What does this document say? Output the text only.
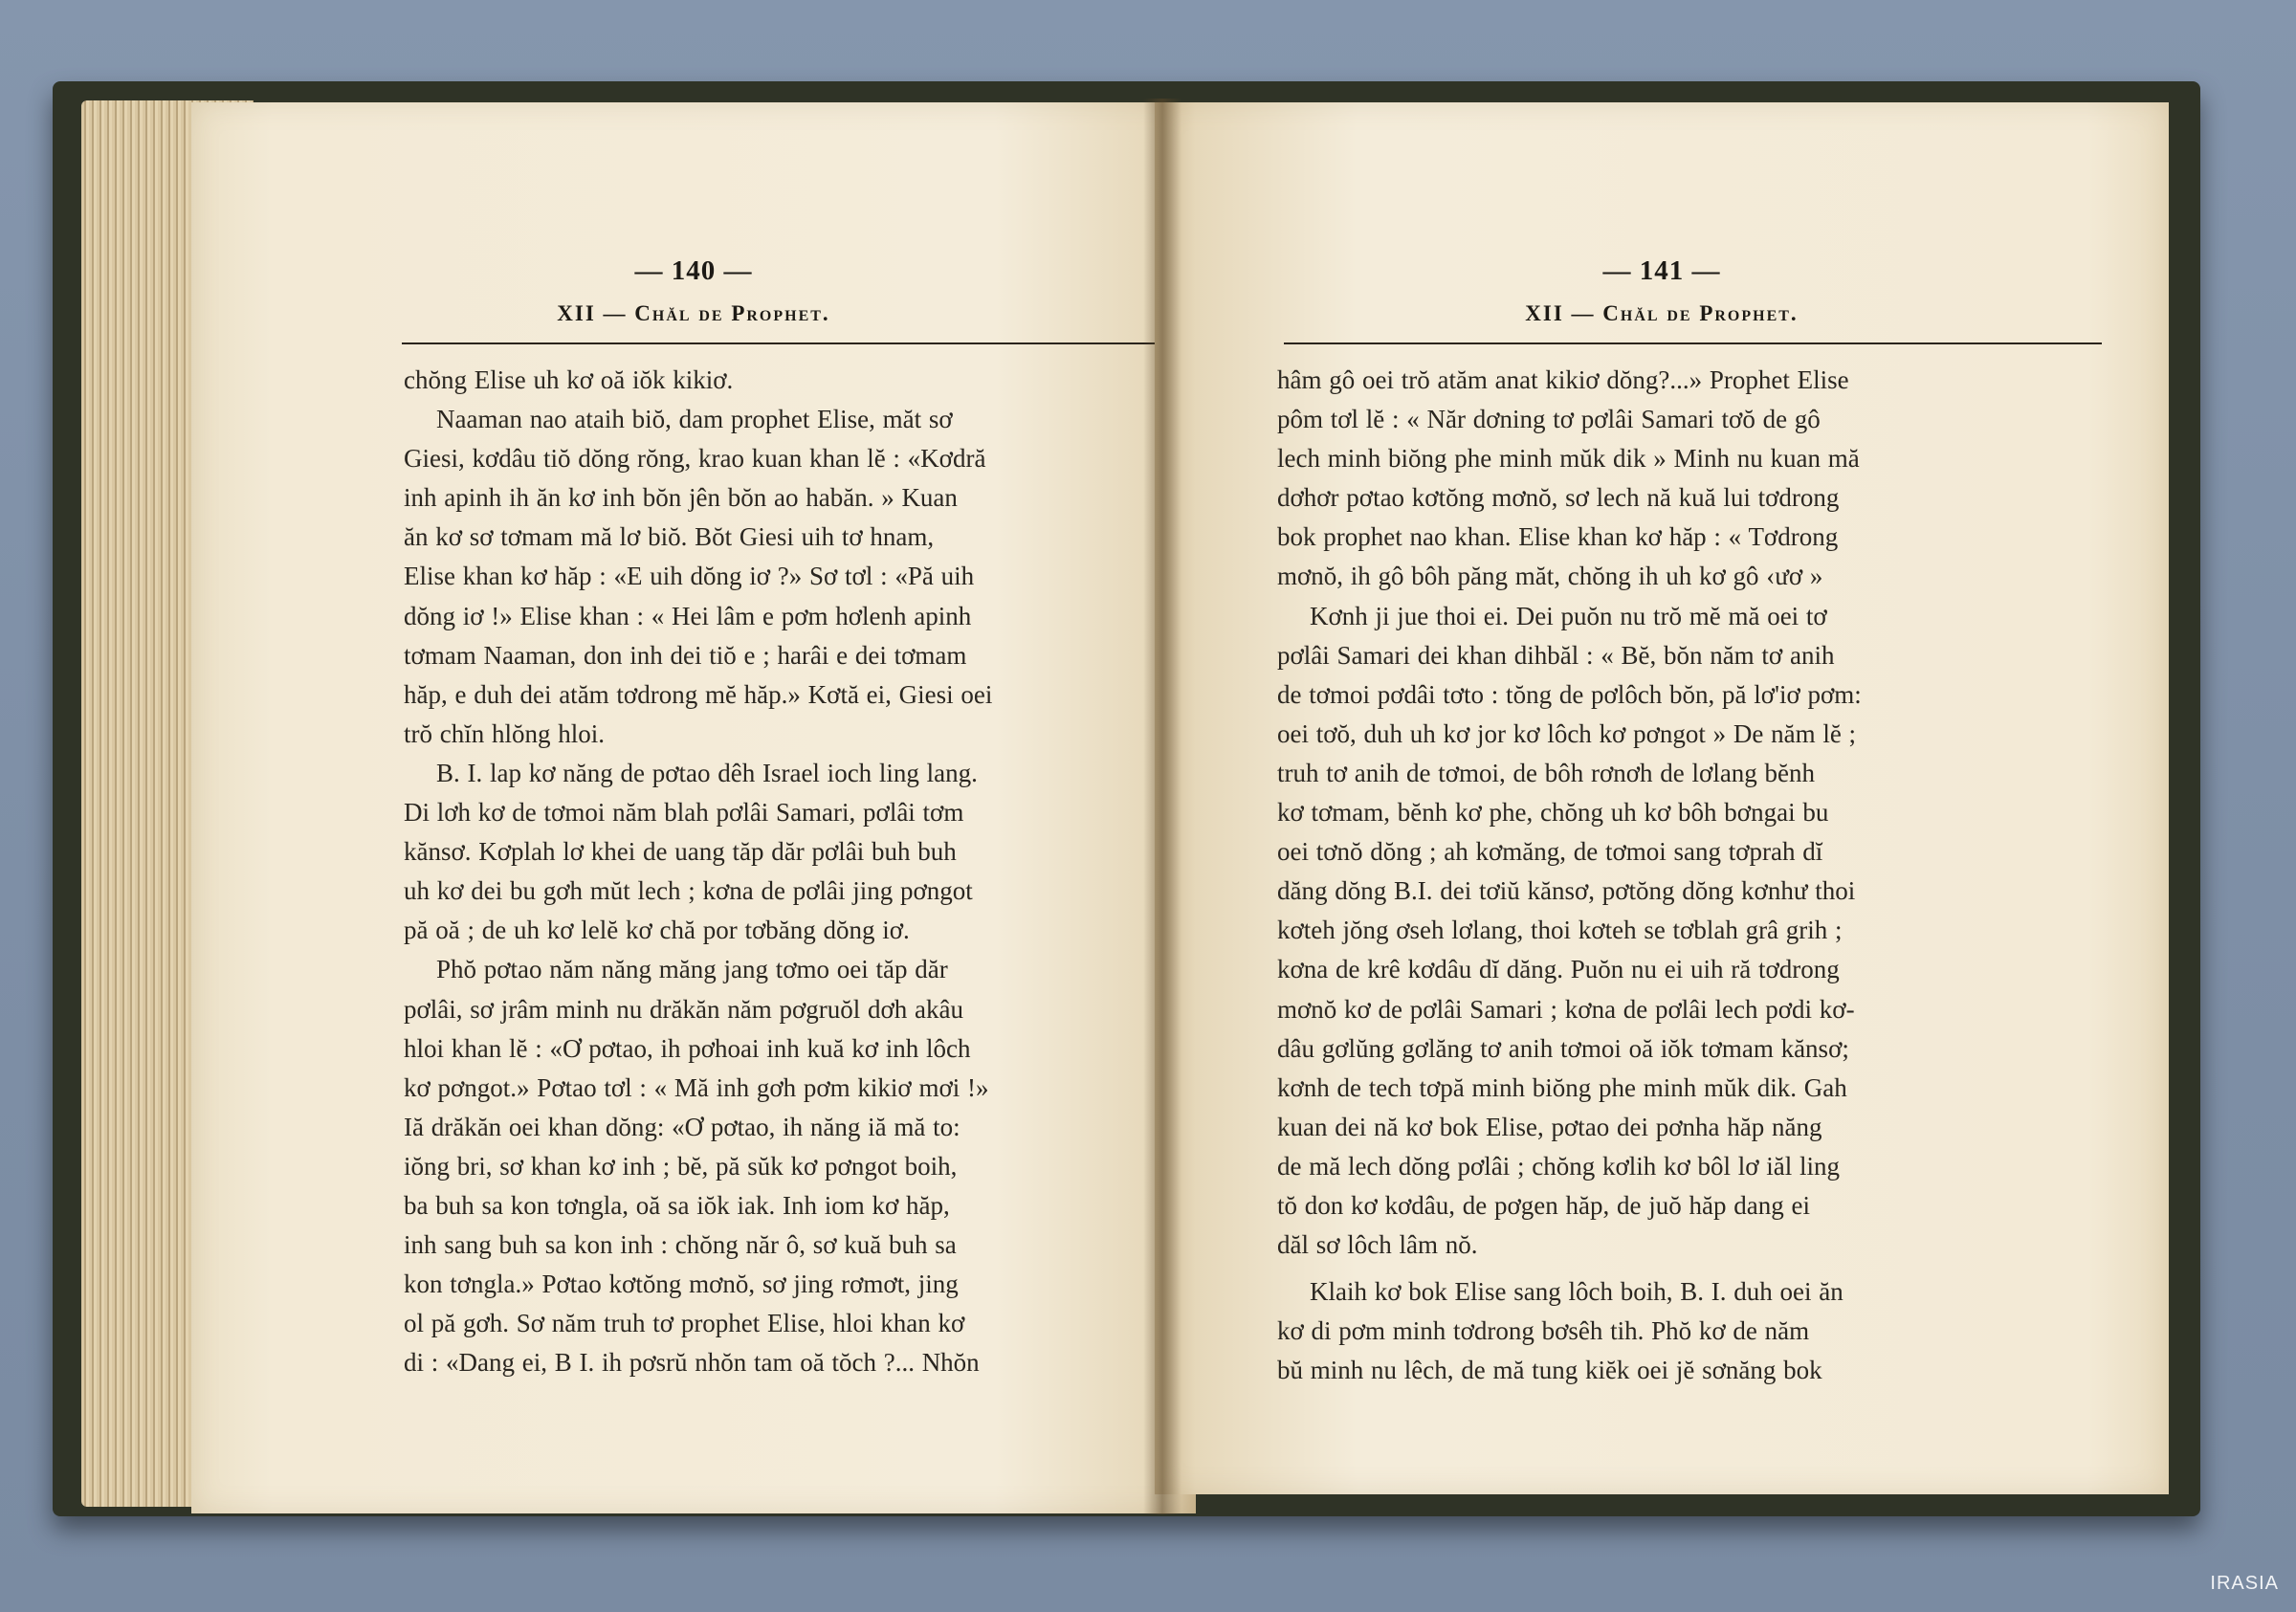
— 140 —
XII — Chăl de Prophet.
chŏng Elise uh kơ oă iŏk kikiơ.
Naaman nao ataih biŏ, dam prophet Elise, măt sơ
Giesi, kơdâu tiŏ dŏng rŏng, krao kuan khan lĕ : «Kơdră
inh apinh ih ăn kơ inh bŏn jên bŏn ao habăn. » Kuan
ăn kơ sơ tơmam mă lơ biŏ. Bŏt Giesi uih tơ hnam,
Elise khan kơ hăp : «E uih dŏng iơ ?» Sơ tơl : «Pă uih
dŏng iơ !» Elise khan : « Hei lâm e pơm hơlenh apinh
tơmam Naaman, don inh dei tiŏ e ; harâi e dei tơmam
hăp, e duh dei atăm tơdrong mĕ hăp.» Kơtă ei, Giesi oei
trŏ chĭn hlŏng hloi.
B. I. lap kơ năng de pơtao dêh Israel ioch ling lang.
Di lơh kơ de tơmoi năm blah pơlâi Samari, pơlâi tơm
kănsơ. Kơplah lơ khei de uang tăp dăr pơlâi buh buh
uh kơ dei bu gơh mŭt lech ; kơna de pơlâi jing pơngot
pă oă ; de uh kơ lelĕ kơ chă por tơbăng dŏng iơ.
Phŏ pơtao năm năng măng jang tơmo oei tăp dăr
pơlâi, sơ jrâm minh nu drăkăn năm pơgruŏl dơh akâu
hloi khan lĕ : «Ơ pơtao, ih pơhoai inh kuă kơ inh lôch
kơ pơngot.» Pơtao tơl : « Mă inh gơh pơm kikiơ mơi !»
Iă drăkăn oei khan dŏng: «Ơ pơtao, ih năng iă mă to:
iŏng bri, sơ khan kơ inh ; bĕ, pă sŭk kơ pơngot boih,
ba buh sa kon tơngla, oă sa iŏk iak. Inh iom kơ hăp,
inh sang buh sa kon inh : chŏng năr ô, sơ kuă buh sa
kon tơngla.» Pơtao kơtŏng mơnŏ, sơ jing rơmơt, jing
ol pă gơh. Sơ năm truh tơ prophet Elise, hloi khan kơ
di : «Dang ei, B I. ih pơsrŭ nhŏn tam oă tŏch ?... Nhŏn
— 141 —
XII — Chăl de Prophet.
hâm gô oei trŏ atăm anat kikiơ dŏng?...» Prophet Elise
pôm tơl lĕ : « Năr dơning tơ pơlâi Samari tơŏ de gô
lech minh biŏng phe minh mŭk dik » Minh nu kuan mă
dơhơr pơtao kơtŏng mơnŏ, sơ lech nă kuă lui tơdrong
bok prophet nao khan. Elise khan kơ hăp : « Tơdrong
mơnŏ, ih gô bôh păng măt, chŏng ih uh kơ gô ‹ươ »
Kơnh ji jue thoi ei. Dei puŏn nu trŏ mĕ mă oei tơ
pơlâi Samari dei khan dihbăl : « Bĕ, bŏn năm tơ anih
de tơmoi pơdâi tơto : tŏng de pơlôch bŏn, pă lơ'iơ pơm:
oei tơŏ, duh uh kơ jor kơ lôch kơ pơngot » De năm lĕ ;
truh tơ anih de tơmoi, de bôh rơnơh de lơlang bĕnh
kơ tơmam, bĕnh kơ phe, chŏng uh kơ bôh bơngai bu
oei tơnŏ dŏng ; ah kơmăng, de tơmoi sang tơprah dĭ
dăng dŏng B.I. dei tơiŭ kănsơ, pơtŏng dŏng kơnhư thoi
kơteh jŏng ơseh lơlang, thoi kơteh se tơblah grâ grih ;
kơna de krê kơdâu dĭ dăng. Puŏn nu ei uih ră tơdrong
mơnŏ kơ de pơlâi Samari ; kơna de pơlâi lech pơdi kơ-
dâu gơlŭng gơlăng tơ anih tơmoi oă iŏk tơmam kănsơ;
kơnh de tech tơpă minh biŏng phe minh mŭk dik. Gah
kuan dei nă kơ bok Elise, pơtao dei pơnha hăp năng
de mă lech dŏng pơlâi ; chŏng kơlih kơ bôl lơ iăl ling
tŏ don kơ kơdâu, de pơgen hăp, de juŏ hăp dang ei
dăl sơ lôch lâm nŏ.
Klaih kơ bok Elise sang lôch boih, B. I. duh oei ăn
kơ di pơm minh tơdrong bơsêh tih. Phŏ kơ de năm
bŭ minh nu lêch, de mă tung kiĕk oei jĕ sơnăng bok
IRASIA
